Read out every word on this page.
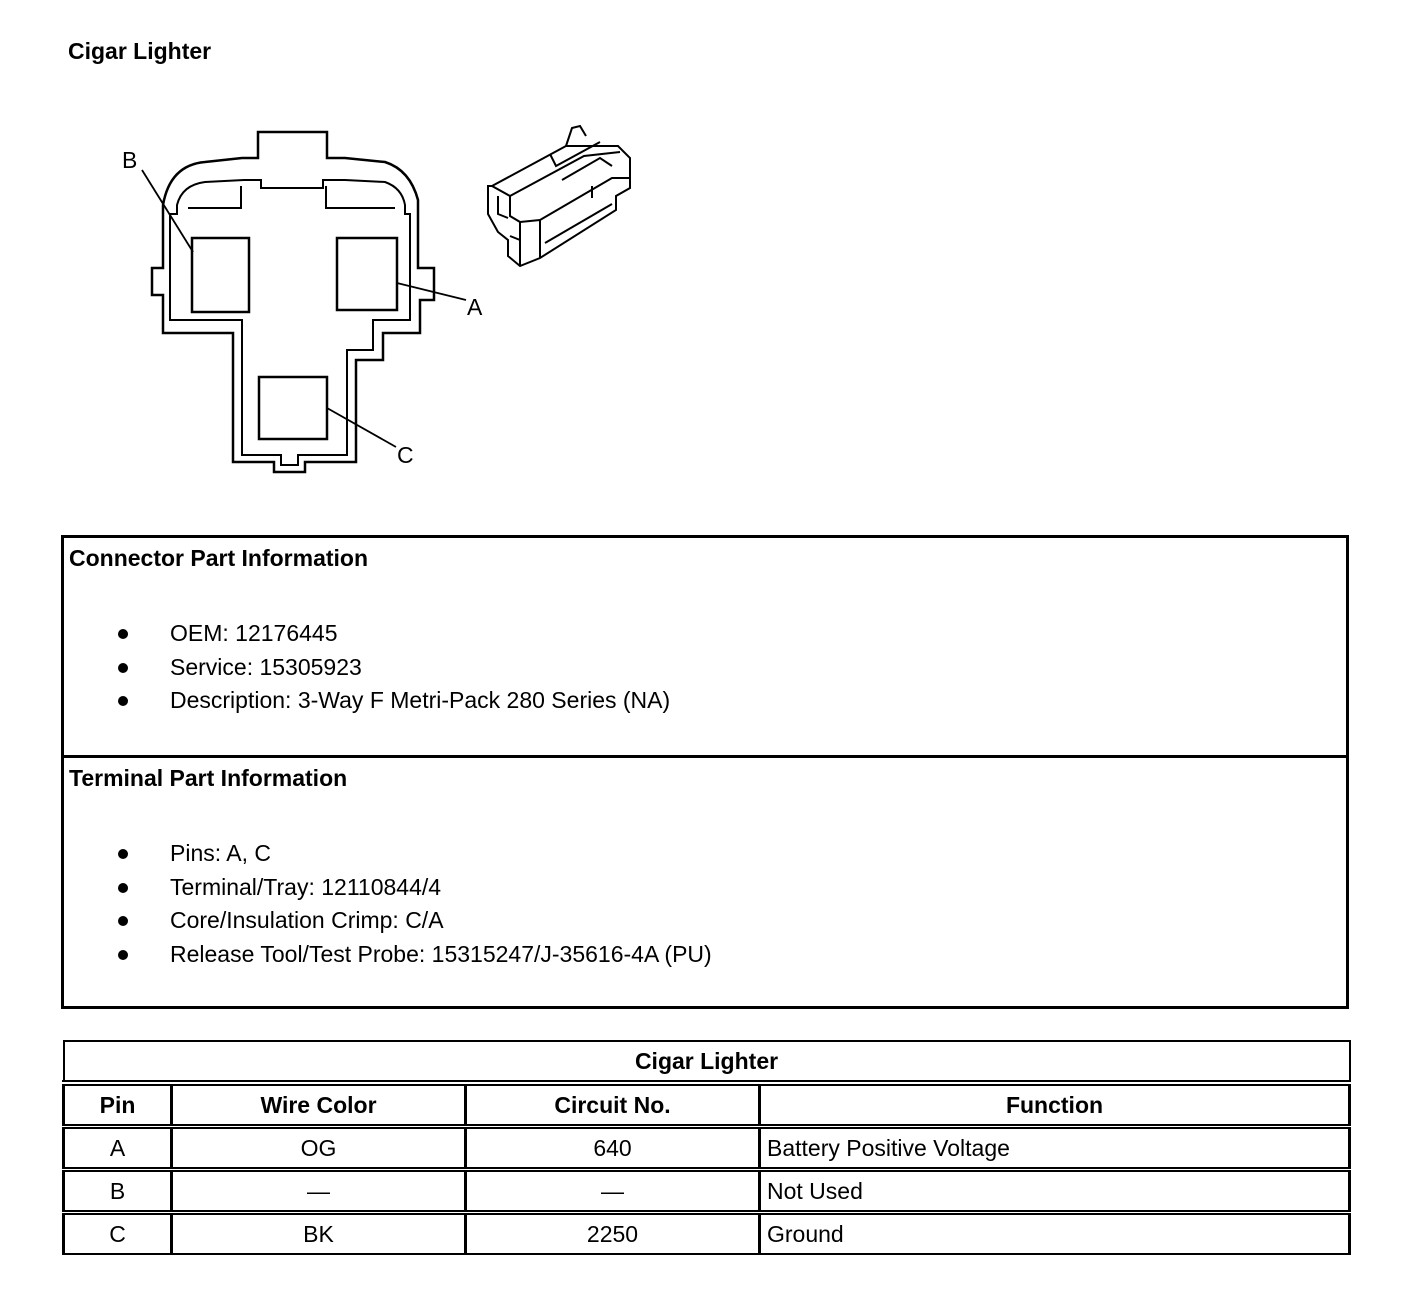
Cigar Lighter
B
A
C
Connector Part Information
OEM: 12176445
Service: 15305923
Description: 3-Way F Metri-Pack 280 Series (NA)
Terminal Part Information
Pins: A, C
Terminal/Tray: 12110844/4
Core/Insulation Crimp: C/A
Release Tool/Test Probe: 15315247/J-35616-4A (PU)
Cigar Lighter			
Pin	Wire Color	Circuit No.	Function
A	OG	640	Battery Positive Voltage
B	—	—	Not Used
C	BK	2250	Ground
